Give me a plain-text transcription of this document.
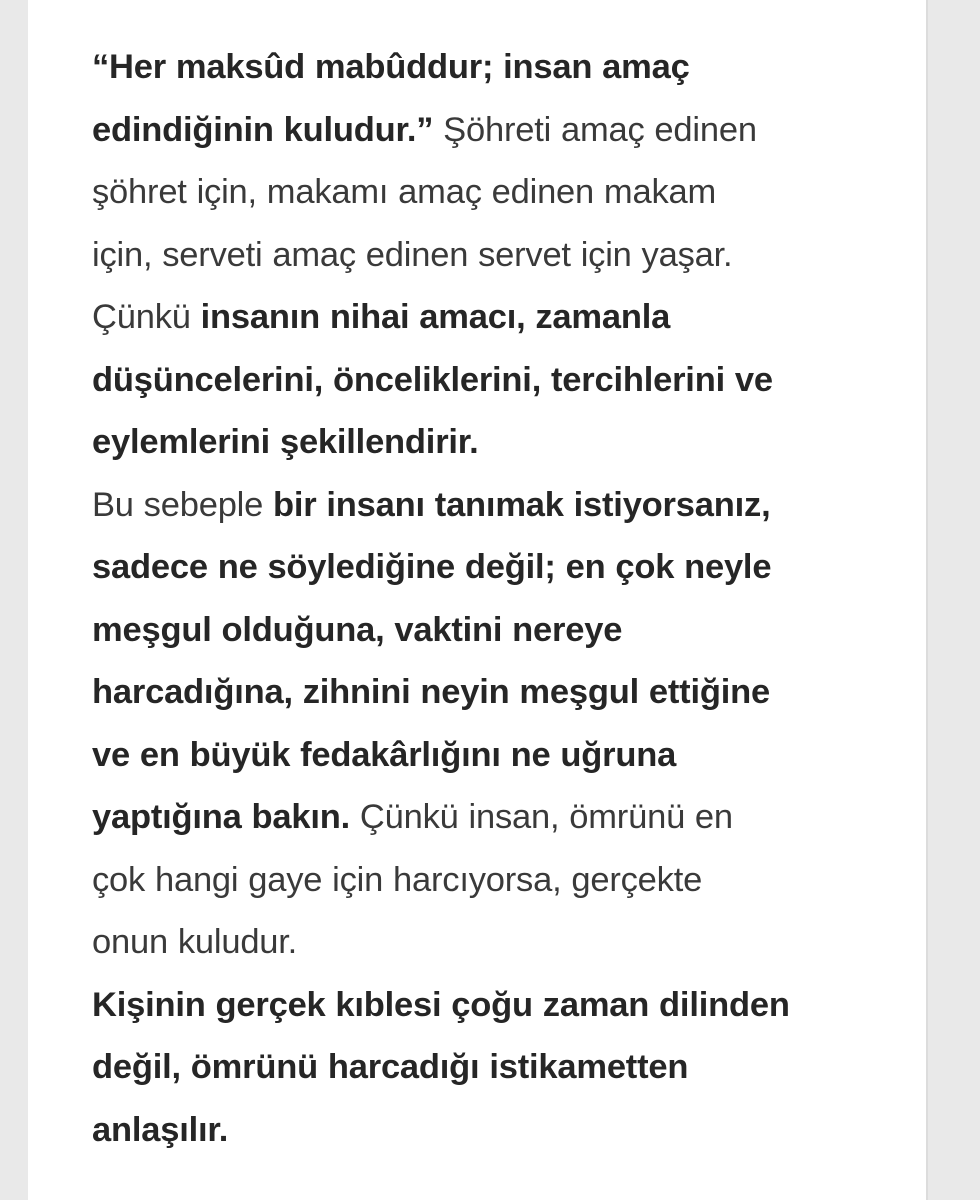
“Her maksûd mabûddur; insan amaç
edindiğinin kuludur.” Şöhreti amaç edinen
şöhret için, makamı amaç edinen makam
için, serveti amaç edinen servet için yaşar.
Çünkü insanın nihai amacı, zamanla
düşüncelerini, önceliklerini, tercihlerini ve
eylemlerini şekillendirir.
Bu sebeple bir insanı tanımak istiyorsanız,
sadece ne söylediğine değil; en çok neyle
meşgul olduğuna, vaktini nereye
harcadığına, zihnini neyin meşgul ettiğine
ve en büyük fedakârlığını ne uğruna
yaptığına bakın. Çünkü insan, ömrünü en
çok hangi gaye için harcıyorsa, gerçekte
onun kuludur.
Kişinin gerçek kıblesi çoğu zaman dilinden
değil, ömrünü harcadığı istikametten
anlaşılır.
